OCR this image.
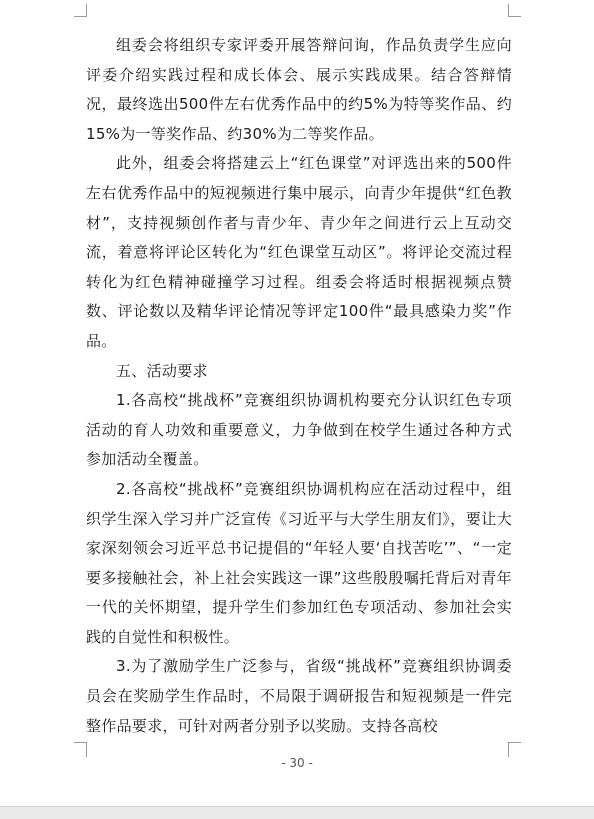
组委会将组织专家评委开展答辩问询，作品负责学生应向评委介绍实践过程和成长体会、展示实践成果。结合答辩情况，最终选出500件左右优秀作品中的约5%为特等奖作品、约15%为一等奖作品、约30%为二等奖作品。

此外，组委会将搭建云上“红色课堂”对评选出来的500件左右优秀作品中的短视频进行集中展示，向青少年提供“红色教材”，支持视频创作者与青少年、青少年之间进行云上互动交流，着意将评论区转化为“红色课堂互动区”。将评论交流过程转化为红色精神碰撞学习过程。组委会将适时根据视频点赞数、评论数以及精华评论情况等评定100件“最具感染力奖”作品。

五、活动要求

1.各高校“挑战杯”竞赛组织协调机构要充分认识红色专项活动的育人功效和重要意义，力争做到在校学生通过各种方式参加活动全覆盖。

2.各高校“挑战杯”竞赛组织协调机构应在活动过程中，组织学生深入学习并广泛宣传《习近平与大学生朋友们》，要让大家深刻领会习近平总书记提倡的“年轻人要‘自找苦吃’”、“一定要多接触社会，补上社会实践这一课”这些殷殷嘱托背后对青年一代的关怀期望，提升学生们参加红色专项活动、参加社会实践的自觉性和积极性。

3.为了激励学生广泛参与，省级“挑战杯”竞赛组织协调委员会在奖励学生作品时，不局限于调研报告和短视频是一件完整作品要求，可针对两者分别予以奖励。支持各高校

- 30 -
